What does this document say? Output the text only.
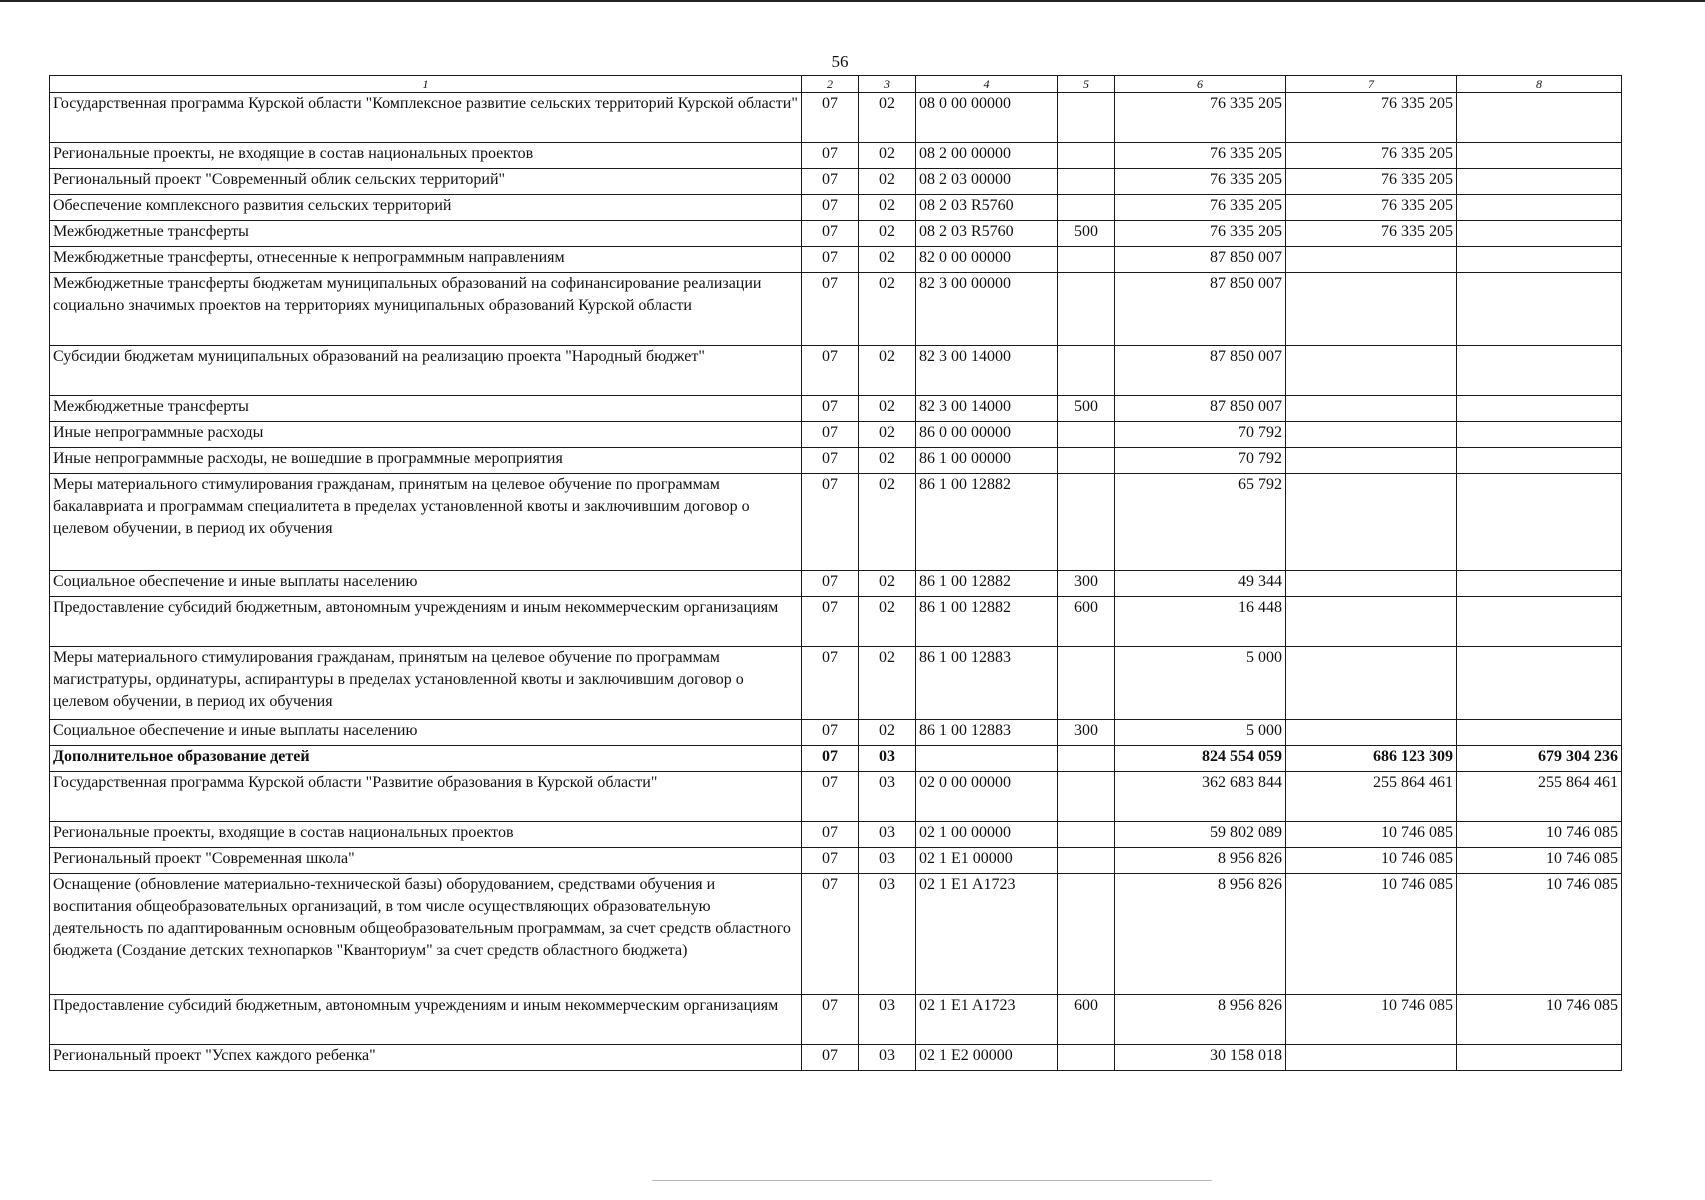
56
1	2	3	4	5	6	7	8
Государственная программа Курской области "Комплексное развитие сельских территорий Курской области"	07	02	08 0 00 00000		76 335 205	76 335 205	
Региональные проекты, не входящие в состав национальных проектов	07	02	08 2 00 00000		76 335 205	76 335 205	
Региональный проект "Современный облик сельских территорий"	07	02	08 2 03 00000		76 335 205	76 335 205	
Обеспечение комплексного развития сельских территорий	07	02	08 2 03 R5760		76 335 205	76 335 205	
Межбюджетные трансферты	07	02	08 2 03 R5760	500	76 335 205	76 335 205	
Межбюджетные трансферты, отнесенные к непрограммным направлениям	07	02	82 0 00 00000		87 850 007		
Межбюджетные трансферты бюджетам муниципальных образований на софинансирование реализации социально значимых проектов на территориях муниципальных образований Курской области	07	02	82 3 00 00000		87 850 007		
Субсидии бюджетам муниципальных образований на реализацию проекта "Народный бюджет"	07	02	82 3 00 14000		87 850 007		
Межбюджетные трансферты	07	02	82 3 00 14000	500	87 850 007		
Иные непрограммные расходы	07	02	86 0 00 00000		70 792		
Иные непрограммные расходы, не вошедшие в программные мероприятия	07	02	86 1 00 00000		70 792		
Меры материального стимулирования гражданам, принятым на целевое обучение по программам бакалавриата и программам специалитета в пределах установленной квоты и заключившим договор о целевом обучении, в период их обучения	07	02	86 1 00 12882		65 792		
Социальное обеспечение и иные выплаты населению	07	02	86 1 00 12882	300	49 344		
Предоставление субсидий бюджетным, автономным учреждениям и иным некоммерческим организациям	07	02	86 1 00 12882	600	16 448		
Меры материального стимулирования гражданам, принятым на целевое обучение по программам магистратуры, ординатуры, аспирантуры в пределах установленной квоты и заключившим договор о целевом обучении, в период их обучения	07	02	86 1 00 12883		5 000		
Социальное обеспечение и иные выплаты населению	07	02	86 1 00 12883	300	5 000		
Дополнительное образование детей	07	03			824 554 059	686 123 309	679 304 236
Государственная программа Курской области "Развитие образования в Курской области"	07	03	02 0 00 00000		362 683 844	255 864 461	255 864 461
Региональные проекты, входящие в состав национальных проектов	07	03	02 1 00 00000		59 802 089	10 746 085	10 746 085
Региональный проект "Современная школа"	07	03	02 1 E1 00000		8 956 826	10 746 085	10 746 085
Оснащение (обновление материально-технической базы) оборудованием, средствами обучения и воспитания общеобразовательных организаций, в том числе осуществляющих образовательную деятельность по адаптированным основным общеобразовательным программам, за счет средств областного бюджета (Создание детских технопарков "Кванториум" за счет средств областного бюджета)	07	03	02 1 E1 A1723		8 956 826	10 746 085	10 746 085
Предоставление субсидий бюджетным, автономным учреждениям и иным некоммерческим организациям	07	03	02 1 E1 A1723	600	8 956 826	10 746 085	10 746 085
Региональный проект "Успех каждого ребенка"	07	03	02 1 E2 00000		30 158 018		
